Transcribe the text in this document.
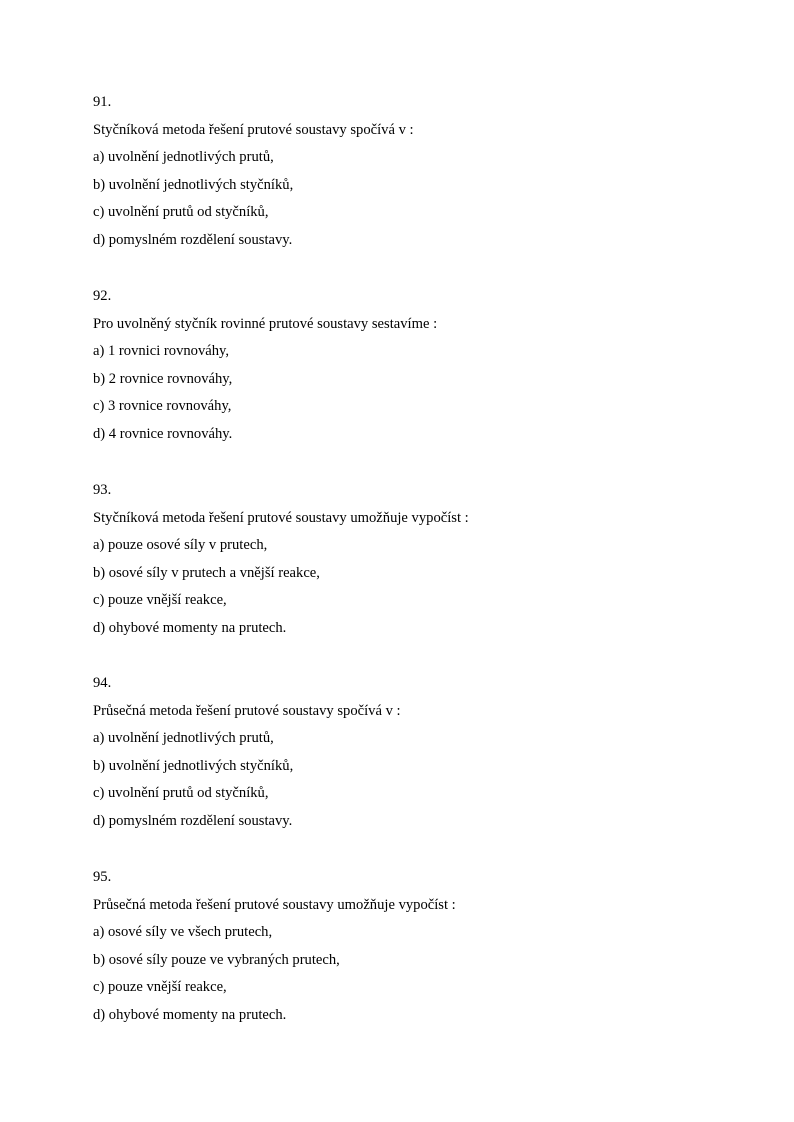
91.
Styčníková metoda řešení prutové soustavy spočívá v :
a) uvolnění jednotlivých prutů,
b) uvolnění jednotlivých styčníků,
c) uvolnění prutů od styčníků,
d) pomyslném rozdělení soustavy.
92.
Pro uvolněný styčník rovinné prutové soustavy sestavíme :
a) 1 rovnici rovnováhy,
b) 2 rovnice rovnováhy,
c) 3 rovnice rovnováhy,
d) 4 rovnice rovnováhy.
93.
Styčníková metoda řešení prutové soustavy umožňuje vypočíst :
a) pouze osové síly v prutech,
b) osové síly v prutech a vnější reakce,
c) pouze vnější reakce,
d) ohybové momenty na prutech.
94.
Průsečná metoda řešení prutové soustavy spočívá v :
a) uvolnění jednotlivých prutů,
b) uvolnění jednotlivých styčníků,
c) uvolnění prutů od styčníků,
d) pomyslném rozdělení soustavy.
95.
Průsečná metoda řešení prutové soustavy umožňuje vypočíst :
a) osové síly ve všech prutech,
b) osové síly pouze ve vybraných prutech,
c) pouze vnější reakce,
d) ohybové momenty na prutech.
